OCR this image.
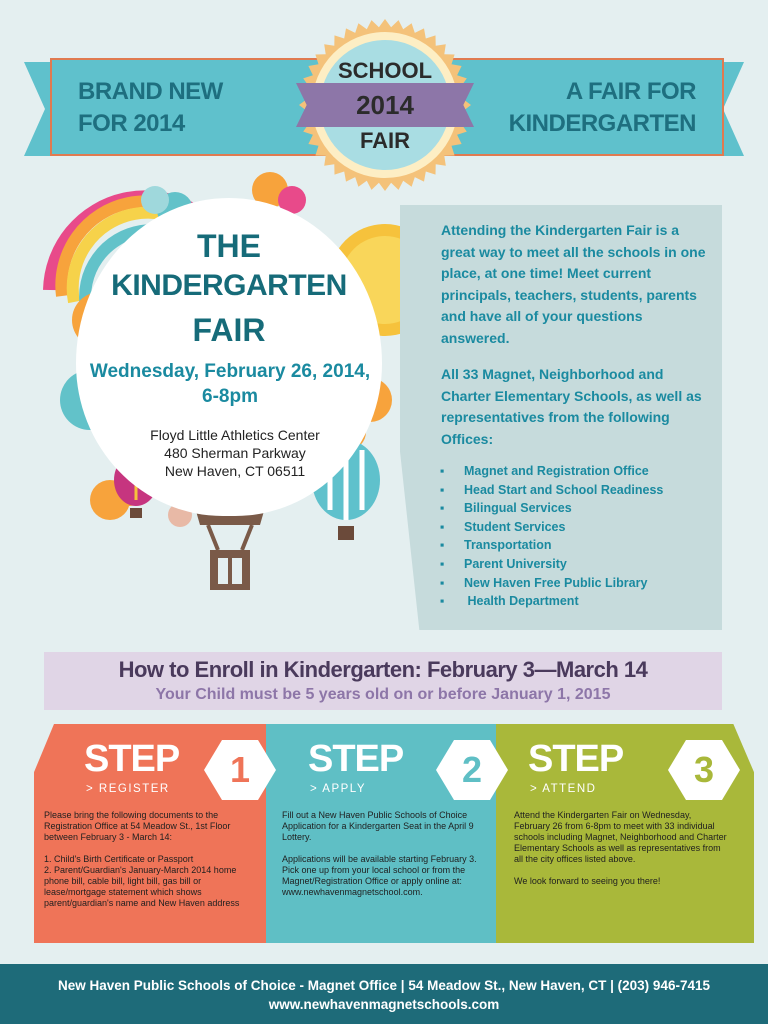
BRAND NEW
FOR 2014
A FAIR FOR
KINDERGARTEN
SCHOOL
2014
FAIR
THE
KINDERGARTEN
FAIR
Wednesday, February 26, 2014,
6-8pm
Floyd Little Athletics Center
480 Sherman Parkway
New Haven, CT 06511
Attending the Kindergarten Fair is a great way to meet all the schools in one place, at one time! Meet current principals, teachers, students, parents and have all of your questions answered.
All 33 Magnet, Neighborhood and Charter Elementary Schools, as well as representatives from the following Offices:
▪ Magnet and Registration Office
▪ Head Start and School Readiness
▪ Bilingual Services
▪ Student Services
▪ Transportation
▪ Parent University
▪ New Haven Free Public Library
▪ Health Department
How to Enroll in Kindergarten: February 3—March 14
Your Child must be 5 years old on or before January 1, 2015
STEP
> REGISTER	1
Please bring the following documents to the Registration Office at 54 Meadow St., 1st Floor between February 3 - March 14:

1. Child's Birth Certificate or Passport
2. Parent/Guardian's January-March 2014 home phone bill, cable bill, light bill, gas bill or lease/mortgage statement which shows parent/guardian's name and New Haven address
STEP
> APPLY	2
Fill out a New Haven Public Schools of Choice Application for a Kindergarten Seat in the April 9 Lottery.

Applications will be available starting February 3. Pick one up from your local school or from the Magnet/Registration Office or apply online at: www.newhavenmagnetschool.com.
STEP
> ATTEND	3
Attend the Kindergarten Fair on Wednesday, February 26 from 6-8pm to meet with 33 individual schools including Magnet, Neighborhood and Charter Elementary Schools as well as representatives from all the city offices listed above.

We look forward to seeing you there!
New Haven Public Schools of Choice - Magnet Office | 54 Meadow St., New Haven, CT | (203) 946-7415
www.newhavenmagnetschools.com
